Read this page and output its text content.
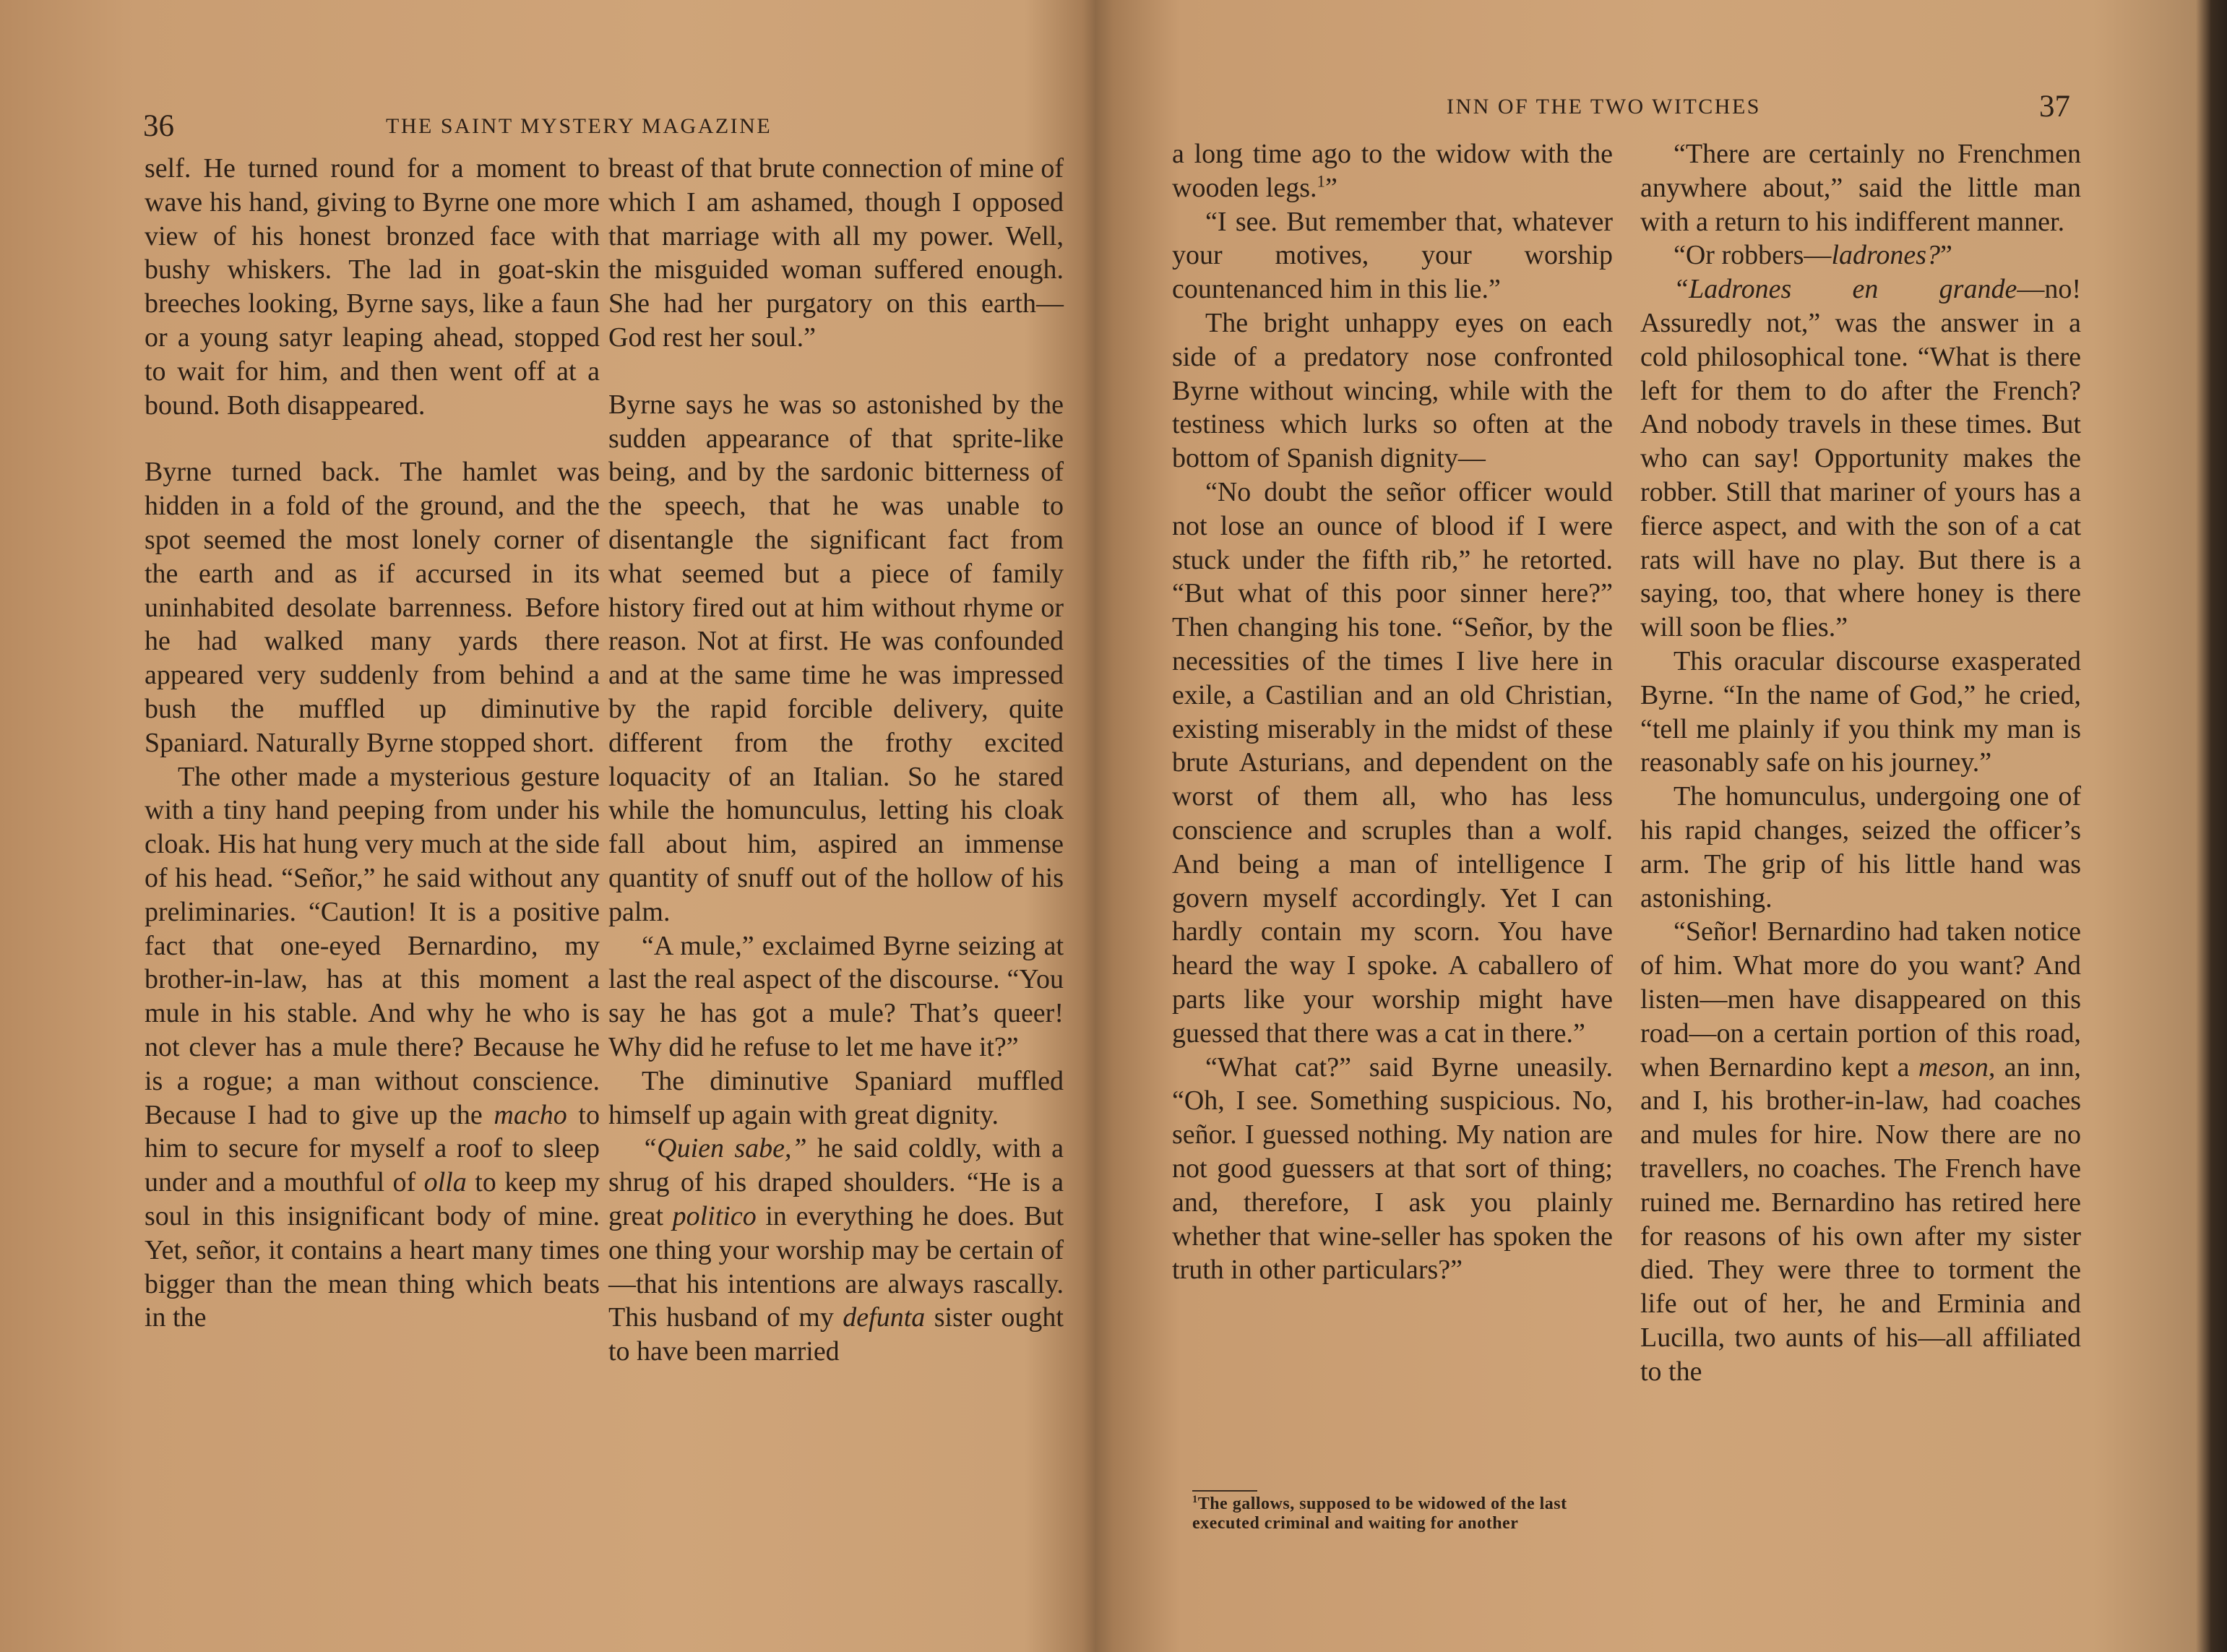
36	THE SAINT MYSTERY MAGAZINE

self. He turned round for a moment to wave his hand, giving to Byrne one more view of his honest bronzed face with bushy whiskers. The lad in goat-skin breeches looking, Byrne says, like a faun or a young satyr leaping ahead, stopped to wait for him, and then went off at a bound. Both disappeared.

Byrne turned back. The hamlet was hidden in a fold of the ground, and the spot seemed the most lonely corner of the earth and as if accursed in its uninhabited desolate barrenness. Before he had walked many yards there appeared very suddenly from behind a bush the muffled up diminutive Spaniard. Naturally Byrne stopped short.

The other made a mysterious gesture with a tiny hand peeping from under his cloak. His hat hung very much at the side of his head. “Señor,” he said without any preliminaries. “Caution! It is a positive fact that one-eyed Bernardino, my brother-in-law, has at this moment a mule in his stable. And why he who is not clever has a mule there? Because he is a rogue; a man without conscience. Because I had to give up the macho to him to secure for myself a roof to sleep under and a mouthful of olla to keep my soul in this insignificant body of mine. Yet, señor, it contains a heart many times bigger than the mean thing which beats in the

breast of that brute connection of mine of which I am ashamed, though I opposed that marriage with all my power. Well, the misguided woman suffered enough. She had her purgatory on this earth—God rest her soul.”

Byrne says he was so astonished by the sudden appearance of that sprite-like being, and by the sardonic bitterness of the speech, that he was unable to disentangle the significant fact from what seemed but a piece of family history fired out at him without rhyme or reason. Not at first. He was confounded and at the same time he was impressed by the rapid forcible delivery, quite different from the frothy excited loquacity of an Italian. So he stared while the homunculus, letting his cloak fall about him, aspired an immense quantity of snuff out of the hollow of his palm.

“A mule,” exclaimed Byrne seizing at last the real aspect of the discourse. “You say he has got a mule? That’s queer! Why did he refuse to let me have it?”

The diminutive Spaniard muffled himself up again with great dignity.

“Quien sabe,” he said coldly, with a shrug of his draped shoulders. “He is a great politico in everything he does. But one thing your worship may be certain of—that his intentions are always rascally. This husband of my defunta sister ought to have been married

INN OF THE TWO WITCHES	37

a long time ago to the widow with the wooden legs.$^1$”

“I see. But remember that, whatever your motives, your worship countenanced him in this lie.”

The bright unhappy eyes on each side of a predatory nose confronted Byrne without wincing, while with the testiness which lurks so often at the bottom of Spanish dignity—

“No doubt the señor officer would not lose an ounce of blood if I were stuck under the fifth rib,” he retorted. “But what of this poor sinner here?” Then changing his tone. “Señor, by the necessities of the times I live here in exile, a Castilian and an old Christian, existing miserably in the midst of these brute Asturians, and dependent on the worst of them all, who has less conscience and scruples than a wolf. And being a man of intelligence I govern myself accordingly. Yet I can hardly contain my scorn. You have heard the way I spoke. A caballero of parts like your worship might have guessed that there was a cat in there.”

“What cat?” said Byrne uneasily. “Oh, I see. Something suspicious. No, señor. I guessed nothing. My nation are not good guessers at that sort of thing; and, therefore, I ask you plainly whether that wine-seller has spoken the truth in other particulars?”

$^1$The gallows, supposed to be widowed of the last executed criminal and waiting for another

“There are certainly no Frenchmen anywhere about,” said the little man with a return to his indifferent manner.

“Or robbers—ladrones?”

“Ladrones en grande—no! Assuredly not,” was the answer in a cold philosophical tone. “What is there left for them to do after the French? And nobody travels in these times. But who can say! Opportunity makes the robber. Still that mariner of yours has a fierce aspect, and with the son of a cat rats will have no play. But there is a saying, too, that where honey is there will soon be flies.”

This oracular discourse exasperated Byrne. “In the name of God,” he cried, “tell me plainly if you think my man is reasonably safe on his journey.”

The homunculus, undergoing one of his rapid changes, seized the officer’s arm. The grip of his little hand was astonishing.

“Señor! Bernardino had taken notice of him. What more do you want? And listen—men have disappeared on this road—on a certain portion of this road, when Bernardino kept a meson, an inn, and I, his brother-in-law, had coaches and mules for hire. Now there are no travellers, no coaches. The French have ruined me. Bernardino has retired here for reasons of his own after my sister died. They were three to torment the life out of her, he and Erminia and Lucilla, two aunts of his—all affiliated to the
